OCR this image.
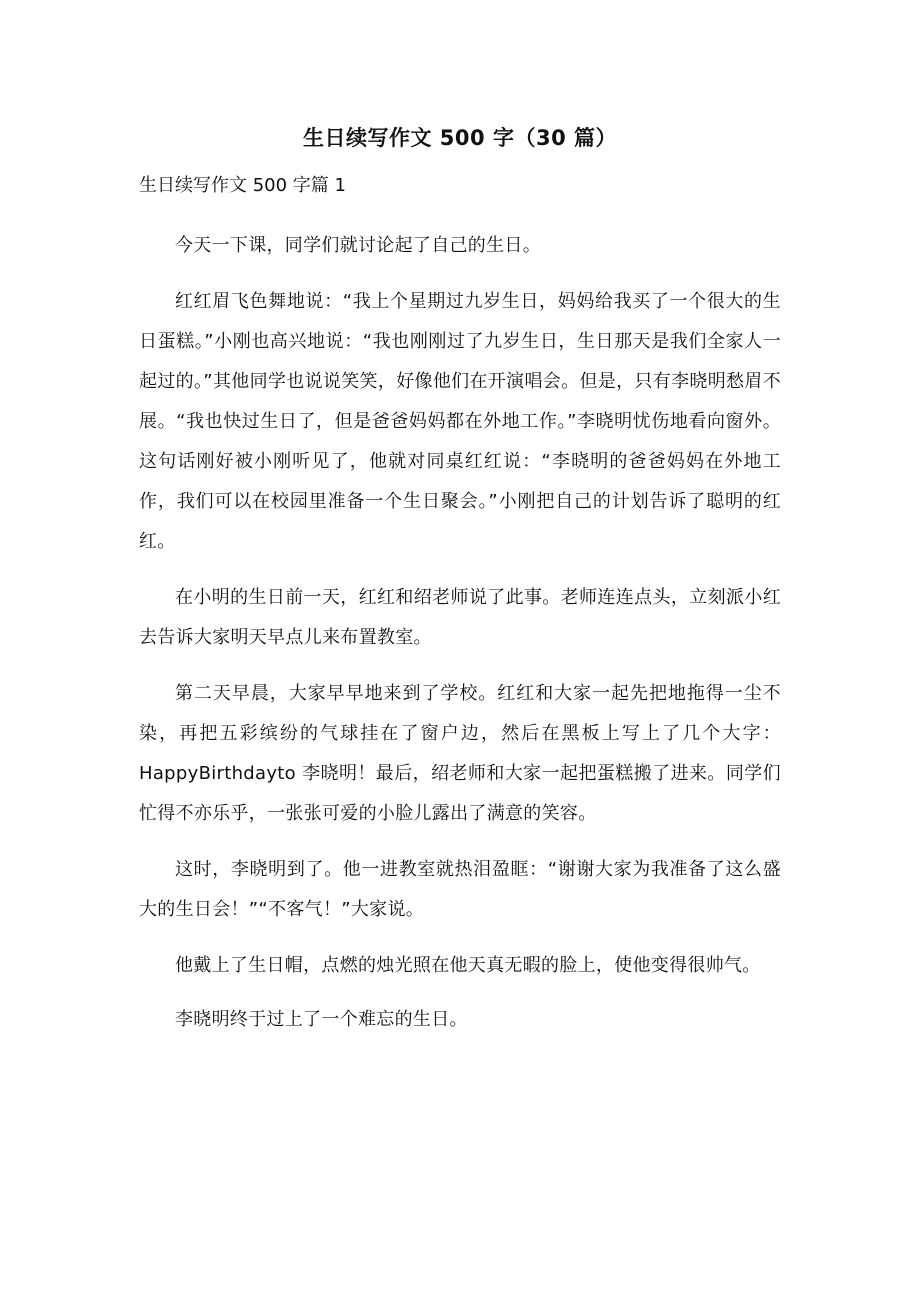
生日续写作文 500 字（30 篇）
生日续写作文 500 字篇 1

今天一下课，同学们就讨论起了自己的生日。

红红眉飞色舞地说：“我上个星期过九岁生日，妈妈给我买了一个很大的生日蛋糕。”小刚也高兴地说：“我也刚刚过了九岁生日，生日那天是我们全家人一起过的。”其他同学也说说笑笑，好像他们在开演唱会。但是，只有李晓明愁眉不展。“我也快过生日了，但是爸爸妈妈都在外地工作。”李晓明忧伤地看向窗外。这句话刚好被小刚听见了，他就对同桌红红说：“李晓明的爸爸妈妈在外地工作，我们可以在校园里准备一个生日聚会。”小刚把自己的计划告诉了聪明的红红。

在小明的生日前一天，红红和绍老师说了此事。老师连连点头，立刻派小红去告诉大家明天早点儿来布置教室。

第二天早晨，大家早早地来到了学校。红红和大家一起先把地拖得一尘不染，再把五彩缤纷的气球挂在了窗户边，然后在黑板上写上了几个大字：HappyBirthdayto 李晓明！最后，绍老师和大家一起把蛋糕搬了进来。同学们忙得不亦乐乎，一张张可爱的小脸儿露出了满意的笑容。

这时，李晓明到了。他一进教室就热泪盈眶：“谢谢大家为我准备了这么盛大的生日会！”“不客气！”大家说。

他戴上了生日帽，点燃的烛光照在他天真无暇的脸上，使他变得很帅气。

李晓明终于过上了一个难忘的生日。
